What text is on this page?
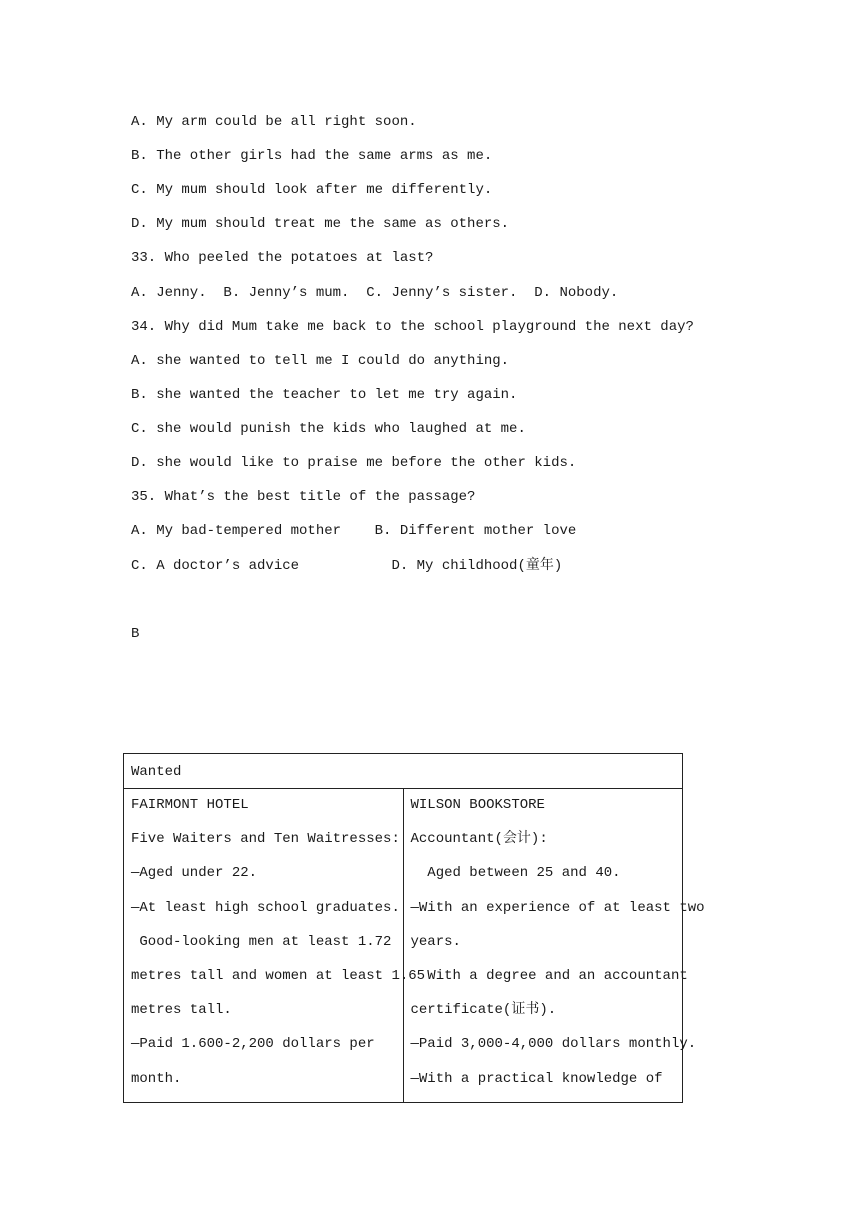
A. My arm could be all right soon.
B. The other girls had the same arms as me.
C. My mum should look after me differently.
D. My mum should treat me the same as others.
33. Who peeled the potatoes at last?
A. Jenny.  B. Jenny’s mum.  C. Jenny’s sister.  D. Nobody.
34. Why did Mum take me back to the school playground the next day?
A. she wanted to tell me I could do anything.
B. she wanted the teacher to let me try again.
C. she would punish the kids who laughed at me.
D. she would like to praise me before the other kids.
35. What’s the best title of the passage?
A. My bad-tempered mother    B. Different mother love
C. A doctor’s advice           D. My childhood(童年)
B
Wanted

FAIRMONT HOTEL
Five Waiters and Ten Waitresses:
—Aged under 22.
—At least high school graduates.
Good-looking men at least 1.72
metres tall and women at least 1.65
metres tall.
—Paid 1.600-2,200 dollars per
month.

WILSON BOOKSTORE
Accountant(会计):
Aged between 25 and 40.
—With an experience of at least two
years.
With a degree and an accountant
certificate(证书).
—Paid 3,000-4,000 dollars monthly.
—With a practical knowledge of
